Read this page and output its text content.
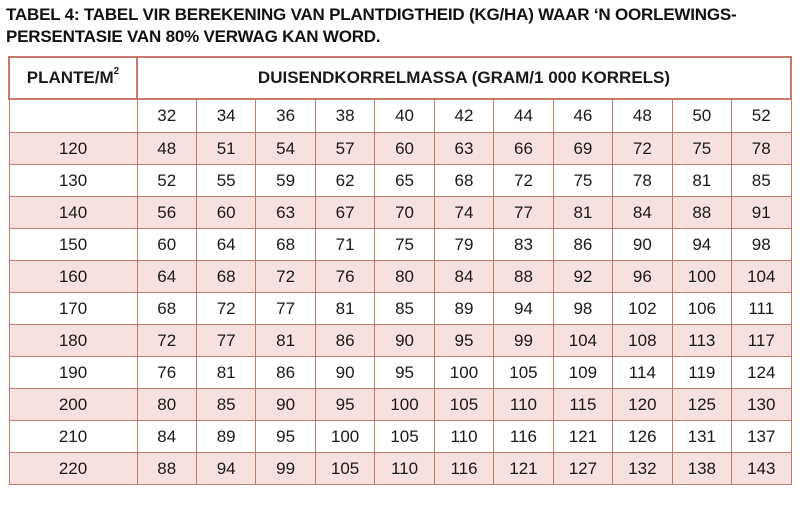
TABEL 4: TABEL VIR BEREKENING VAN PLANTDIGTHEID (KG/HA) WAAR ‘N OORLEWINGS-
PERSENTASIE VAN 80% VERWAG KAN WORD.
PLANTE/$M^2$	DUISENDKORRELMASSA (GRAM/1 000 KORRELS)										
	32	34	36	38	40	42	44	46	48	50	52
120	48	51	54	57	60	63	66	69	72	75	78
130	52	55	59	62	65	68	72	75	78	81	85
140	56	60	63	67	70	74	77	81	84	88	91
150	60	64	68	71	75	79	83	86	90	94	98
160	64	68	72	76	80	84	88	92	96	100	104
170	68	72	77	81	85	89	94	98	102	106	111
180	72	77	81	86	90	95	99	104	108	113	117
190	76	81	86	90	95	100	105	109	114	119	124
200	80	85	90	95	100	105	110	115	120	125	130
210	84	89	95	100	105	110	116	121	126	131	137
220	88	94	99	105	110	116	121	127	132	138	143
